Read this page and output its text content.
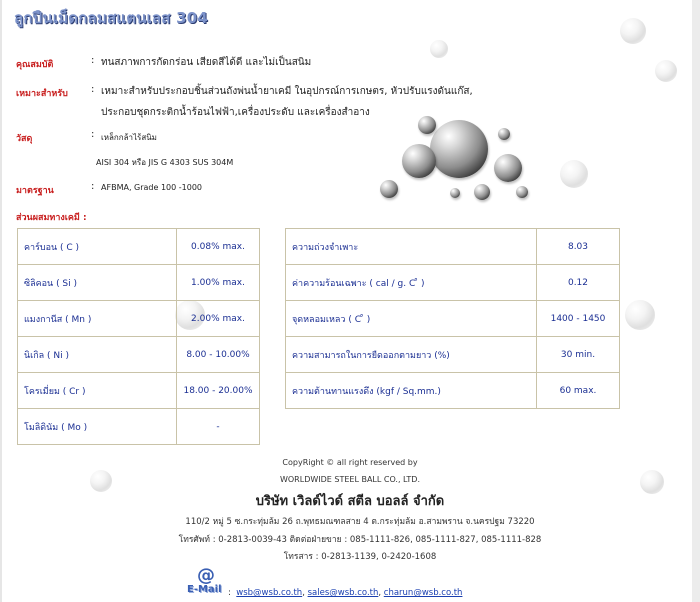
ลูกปืนเม็ดกลมสแตนเลส 304
คุณสมบัติ	: ทนสภาพการกัดกร่อน เสียดสีได้ดี และไม่เป็นสนิม
เหมาะสำหรับ : เหมาะสำหรับประกอบชิ้นส่วนถังพ่นน้ำยาเคมี ในอุปกรณ์การเกษตร, หัวปรับแรงดันแก๊ส,
ประกอบชุดกระติกน้ำร้อนไฟฟ้า,เครื่องประดับ และเครื่องสำอาง
วัสดุ	: เหล็กกล้าไร้สนิม
AISI 304 หรือ JIS G 4303 SUS 304M
มาตรฐาน	: AFBMA, Grade 100 -1000
ส่วนผสมทางเคมี :
คาร์บอน ( C )	0.08% max.
ซิลิคอน ( Si )	1.00% max.
แมงกานีส ( Mn )	2.00% max.
นิเกิล ( Ni )	8.00 - 10.00%
โครเมี่ยม ( Cr )	18.00 - 20.00%
โมลิดินัม ( Mo )	-
ความถ่วงจำเพาะ	8.03
ค่าความร้อนเฉพาะ ( cal / g. C ̊ )	0.12
จุดหลอมเหลว ( C ̊ )	1400 - 1450
ความสามารถในการยืดออกตามยาว (%)	30 min.
ความต้านทานแรงดึง (kgf / Sq.mm.)	60 max.
CopyRight © all right reserved by
WORLDWIDE STEEL BALL CO., LTD.
บริษัท เวิลด์ไวด์ สตีล บอลล์ จำกัด
110/2 หมู่ 5 ซ.กระทุ่มล้ม 26 ถ.พุทธมณฑลสาย 4 ต.กระทุ่มล้ม อ.สามพราน จ.นครปฐม 73220
โทรศัพท์ : 0-2813-0039-43 ติดต่อฝ่ายขาย : 085-1111-826, 085-1111-827, 085-1111-828
โทรสาร : 0-2813-1139, 0-2420-1608
@
E-Mail : wsb@wsb.co.th, sales@wsb.co.th, charun@wsb.co.th
